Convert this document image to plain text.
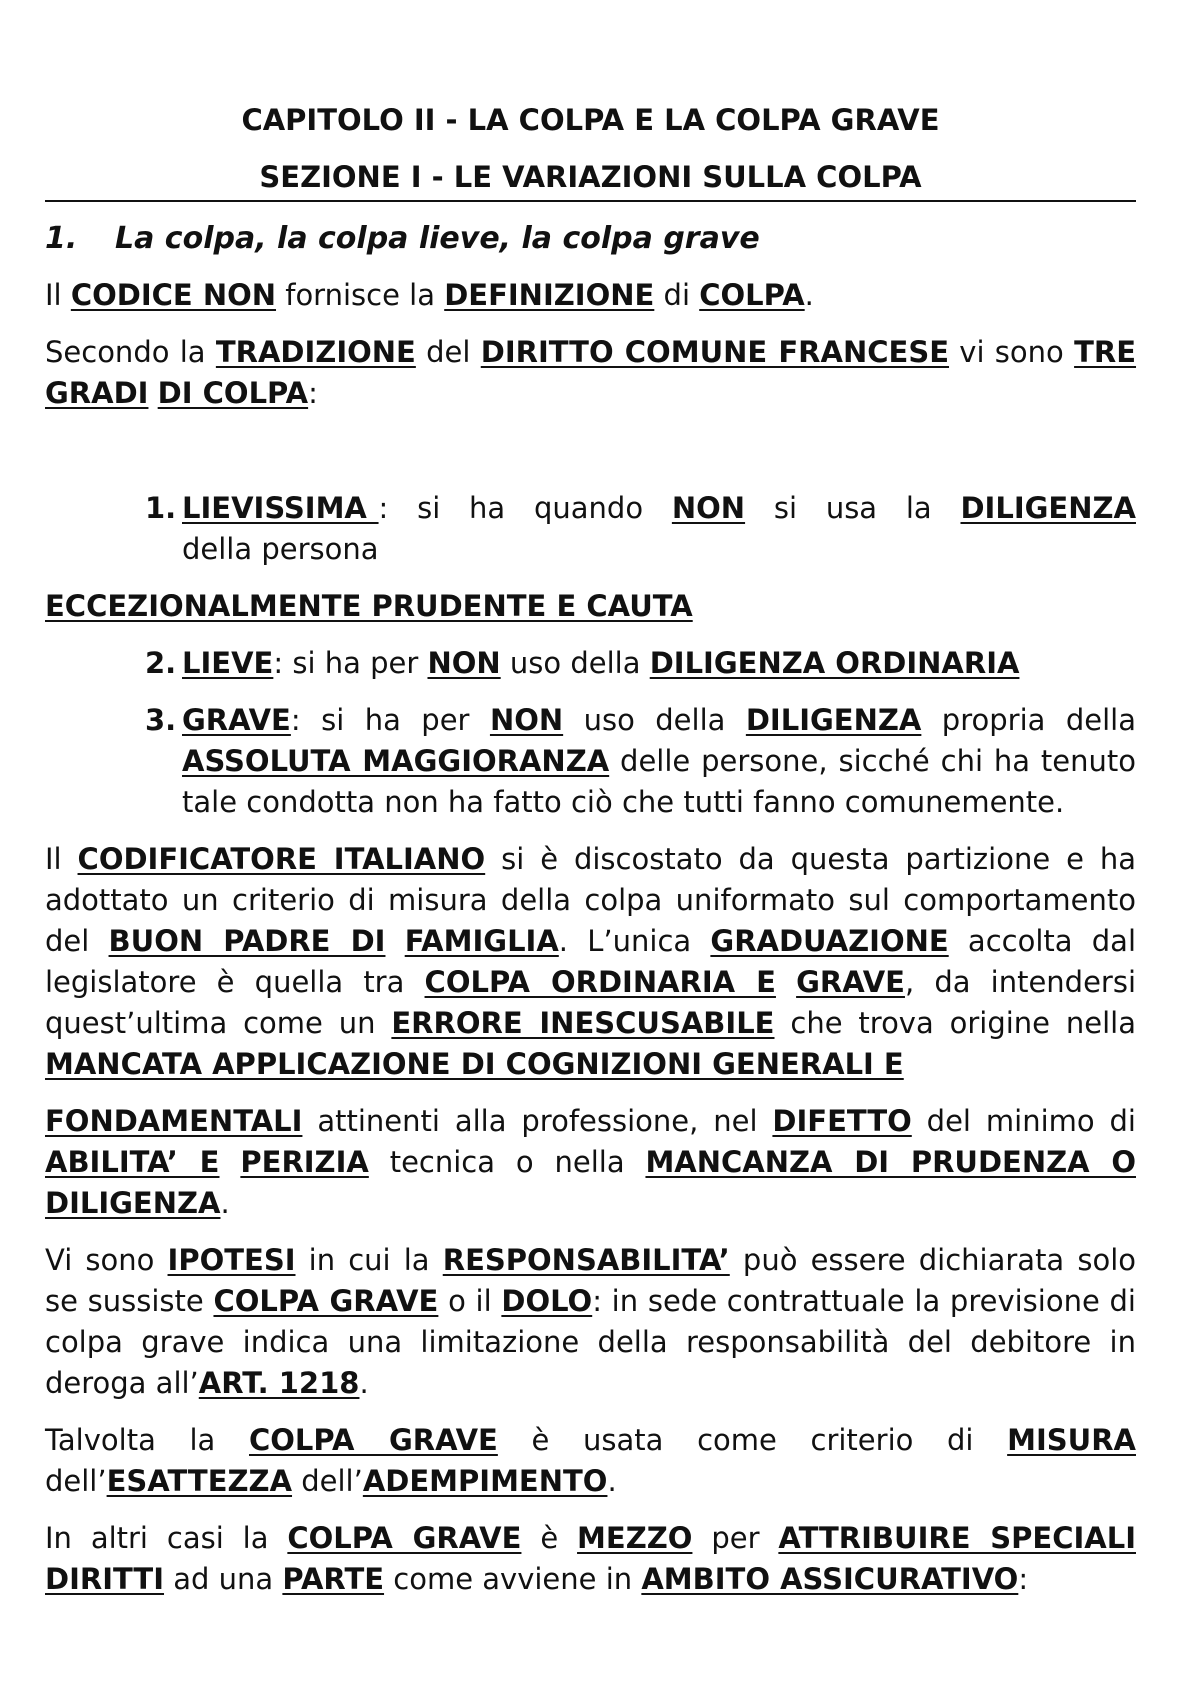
CAPITOLO II - LA COLPA E LA COLPA GRAVE
SEZIONE I - LE VARIAZIONI SULLA COLPA
1. La colpa, la colpa lieve, la colpa grave

Il CODICE NON fornisce la DEFINIZIONE di COLPA.

Secondo la TRADIZIONE del DIRITTO COMUNE FRANCESE vi sono TRE GRADI DI COLPA:

1. LIEVISSIMA : si ha quando NON si usa la DILIGENZA della persona

ECCEZIONALMENTE PRUDENTE E CAUTA

2. LIEVE: si ha per NON uso della DILIGENZA ORDINARIA
3. GRAVE: si ha per NON uso della DILIGENZA propria della ASSOLUTA MAGGIORANZA delle persone, sicché chi ha tenuto tale condotta non ha fatto ciò che tutti fanno comunemente.

Il CODIFICATORE ITALIANO si è discostato da questa partizione e ha adottato un criterio di misura della colpa uniformato sul comportamento del BUON PADRE DI FAMIGLIA. L’unica GRADUAZIONE accolta dal legislatore è quella tra COLPA ORDINARIA E GRAVE, da intendersi quest’ultima come un ERRORE INESCUSABILE che trova origine nella MANCATA APPLICAZIONE DI COGNIZIONI GENERALI E

FONDAMENTALI attinenti alla professione, nel DIFETTO del minimo di ABILITA’ E PERIZIA tecnica o nella MANCANZA DI PRUDENZA O DILIGENZA.

Vi sono IPOTESI in cui la RESPONSABILITA’ può essere dichiarata solo se sussiste COLPA GRAVE o il DOLO: in sede contrattuale la previsione di colpa grave indica una limitazione della responsabilità del debitore in deroga all’ART. 1218.

Talvolta la COLPA GRAVE è usata come criterio di MISURA dell’ESATTEZZA dell’ADEMPIMENTO.

In altri casi la COLPA GRAVE è MEZZO per ATTRIBUIRE SPECIALI DIRITTI ad una PARTE come avviene in AMBITO ASSICURATIVO:
